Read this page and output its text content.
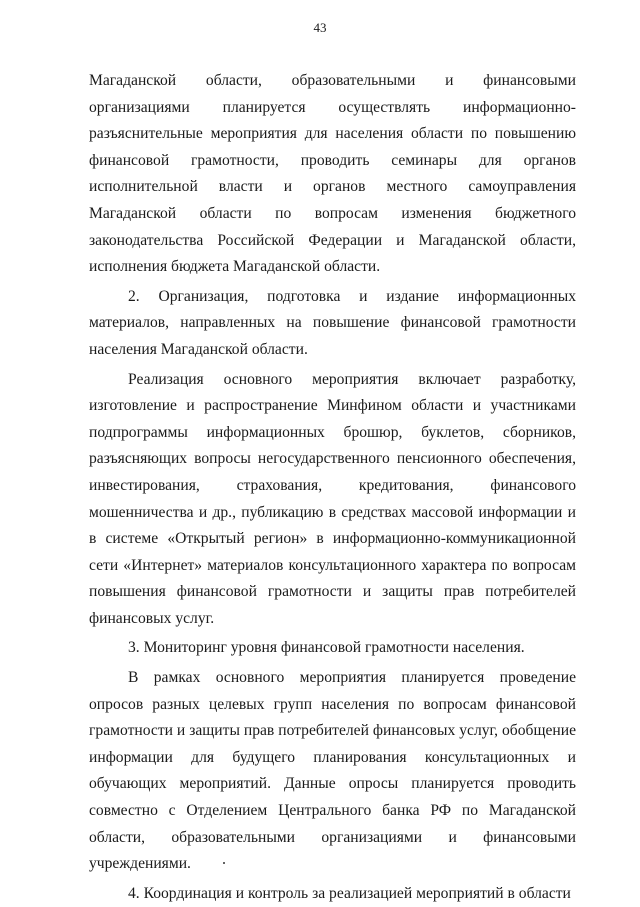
43

Магаданской области, образовательными и финансовыми организациями планируется осуществлять информационно-разъяснительные мероприятия для населения области по повышению финансовой грамотности, проводить семинары для органов исполнительной власти и органов местного самоуправления Магаданской области по вопросам изменения бюджетного законодательства Российской Федерации и Магаданской области, исполнения бюджета Магаданской области.

2. Организация, подготовка и издание информационных материалов, направленных на повышение финансовой грамотности населения Магаданской области.

Реализация основного мероприятия включает разработку, изготовление и распространение Минфином области и участниками подпрограммы информационных брошюр, буклетов, сборников, разъясняющих вопросы негосударственного пенсионного обеспечения, инвестирования, страхования, кредитования, финансового мошенничества и др., публикацию в средствах массовой информации и в системе «Открытый регион» в информационно-коммуникационной сети «Интернет» материалов консультационного характера по вопросам повышения финансовой грамотности и защиты прав потребителей финансовых услуг.

3. Мониторинг уровня финансовой грамотности населения.

В рамках основного мероприятия планируется проведение опросов разных целевых групп населения по вопросам финансовой грамотности и защиты прав потребителей финансовых услуг, обобщение информации для будущего планирования консультационных и обучающих мероприятий. Данные опросы планируется проводить совместно с Отделением Центрального банка РФ по Магаданской области, образовательными организациями и финансовыми учреждениями.

4. Координация и контроль за реализацией мероприятий в области
